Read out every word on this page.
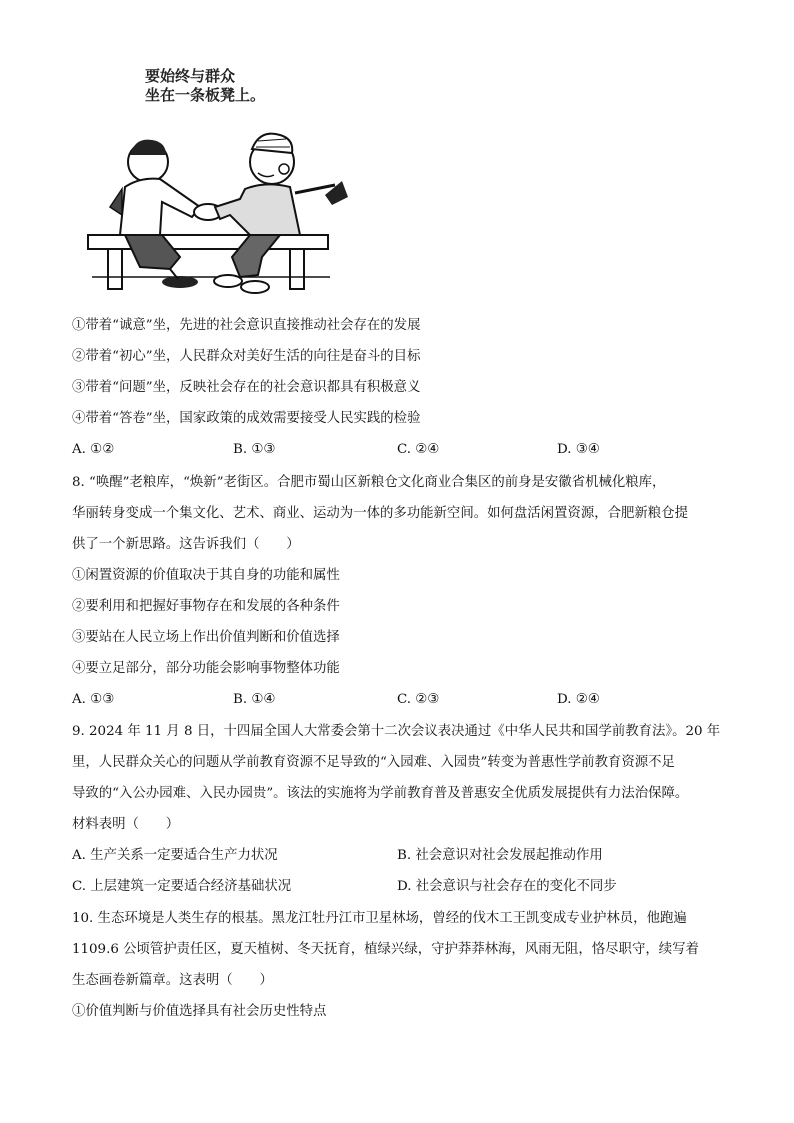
要始终与群众
坐在一条板凳上。
①带着“诚意”坐，先进的社会意识直接推动社会存在的发展
②带着“初心”坐，人民群众对美好生活的向往是奋斗的目标
③带着“问题”坐，反映社会存在的社会意识都具有积极意义
④带着“答卷”坐，国家政策的成效需要接受人民实践的检验
A. ①②	B. ①③	C. ②④	D. ③④
8. “唤醒”老粮库，“焕新”老街区。合肥市蜀山区新粮仓文化商业合集区的前身是安徽省机械化粮库，
华丽转身变成一个集文化、艺术、商业、运动为一体的多功能新空间。如何盘活闲置资源，合肥新粮仓提
供了一个新思路。这告诉我们（　　）
①闲置资源的价值取决于其自身的功能和属性
②要利用和把握好事物存在和发展的各种条件
③要站在人民立场上作出价值判断和价值选择
④要立足部分，部分功能会影响事物整体功能
A. ①③	B. ①④	C. ②③	D. ②④
9. 2024 年 11 月 8 日，十四届全国人大常委会第十二次会议表决通过《中华人民共和国学前教育法》。20 年
里，人民群众关心的问题从学前教育资源不足导致的“入园难、入园贵”转变为普惠性学前教育资源不足
导致的“入公办园难、入民办园贵”。该法的实施将为学前教育普及普惠安全优质发展提供有力法治保障。
材料表明（　　）
A. 生产关系一定要适合生产力状况	B. 社会意识对社会发展起推动作用
C. 上层建筑一定要适合经济基础状况	D. 社会意识与社会存在的变化不同步
10. 生态环境是人类生存的根基。黑龙江牡丹江市卫星林场，曾经的伐木工王凯变成专业护林员，他跑遍
1109.6 公顷管护责任区，夏天植树、冬天抚育，植绿兴绿，守护莽莽林海，风雨无阻，恪尽职守，续写着
生态画卷新篇章。这表明（　　）
①价值判断与价值选择具有社会历史性特点
